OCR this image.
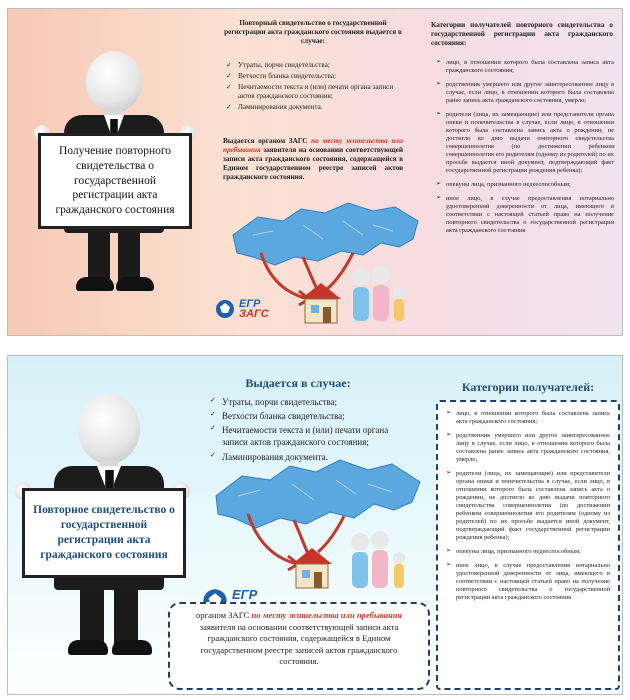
Получение повторного свидетельства о государственной регистрации акта гражданского состояния
Повторный свидетельство о государственной регистрации акта гражданского состояния выдается в случае:
✓ Утраты, порчи свидетельства;
✓ Ветхости бланка свидетельства;
✓ Нечитаемости текста и (или) печати органа записи актов гражданского состояния;
✓ Ламинирования документа.
Выдается органом ЗАГС по месту жительства или пребывания заявителя на основании соответствующей записи акта гражданского состояния, содержащейся в Едином государственном реестре записей актов гражданского состояния.
ЕГР
ЗАГС
Категории получателей повторного свидетельства о государственной регистрации акта гражданского состояния:
➢ лицо, в отношении которого была составлена запись акта гражданского состояния;
➢ родственник умершего или другое заинтересованное лицу в случае, если лицо, в отношении которого была составлена ранее запись акта гражданского состояния, умерло;
➢ родители (лица, их замещающие) или представители органа опеки и попечительства в случае, если лицо, в отношении которого была составлена запись акта о рождении, не достигло ко дню выдачи повторного свидетельства совершеннолетия (по достижении ребенком совершеннолетия его родителям (одному из родителей) по их просьбе выдается иной документ, подтверждающий факт государственной регистрации рождения ребенка);
➢ опекуны лица, признанного недееспособным;
➢ иное лицо, в случае предоставления нотариально удостоверенной доверенности от лица, имеющего в соответствии с настоящей статьей право на получение повторного свидетельства о государственной регистрации акта гражданского состояния
Повторное свидетельство о государственной регистрации акта гражданского состояния
Выдается в случае:
✓ Утраты, порчи свидетельства;
✓ Ветхости бланка свидетельства;
✓ Нечитаемости текста и (или) печати органа записи актов гражданского состояния;
✓ Ламинирования документа.
ЕГР
органом ЗАГС по месту жительства или пребывания заявителя на основании соответствующей записи акта гражданского состояния, содержащейся в Едином государственном реестре записей актов гражданского состояния.
Категории получателей:
➢ лицо, в отношении которого была составлена запись акта гражданского состояния;
➢ родственник умершего или другое заинтересованное лицу в случае, если лицо, в отношении которого была составлена ранее запись акта гражданского состояния, умерло;
➢ родители (лица, их замещающие) или представители органа опеки и попечительства в случае, если лицо, в отношении которого была составлена запись акта о рождении, не достигло ко дню выдачи повторного свидетельства совершеннолетия (по достижении ребенком совершеннолетия его родителям (одному из родителей) по их просьбе выдается иной документ, подтверждающий факт государственной регистрации рождения ребенка);
➢ опекуны лица, признанного недееспособным;
➢ иное лицо, в случае предоставления нотариально удостоверенной доверенности от лица, имеющего в соответствии с настоящей статьей право на получение повторного свидетельства о государственной регистрации акта гражданского состояния
